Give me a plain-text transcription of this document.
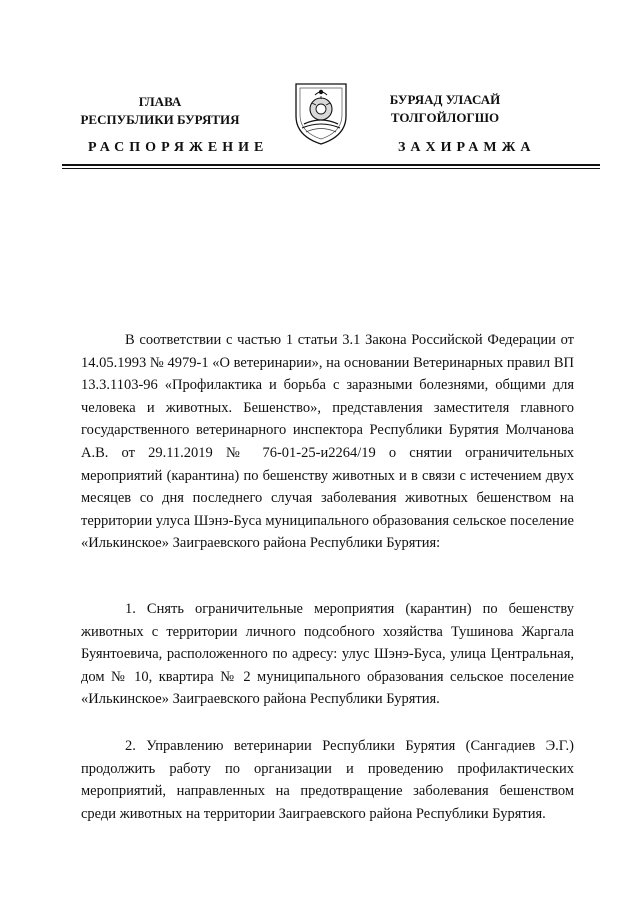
ГЛАВА
РЕСПУБЛИКИ БУРЯТИЯ
БУРЯАД УЛАСАЙ
ТОЛГОЙЛОГШО
РАСПОРЯЖЕНИЕ	ЗАХИРАМЖА

В соответствии с частью 1 статьи 3.1 Закона Российской Федерации от 14.05.1993 № 4979-1 «О ветеринарии», на основании Ветеринарных правил ВП 13.3.1103-96 «Профилактика и борьба с заразными болезнями, общими для человека и животных. Бешенство», представления заместителя главного государственного ветеринарного инспектора Республики Бурятия Молчанова А.В. от 29.11.2019 № 76-01-25-и2264/19 о снятии ограничительных мероприятий (карантина) по бешенству животных и в связи с истечением двух месяцев со дня последнего случая заболевания животных бешенством на территории улуса Шэнэ-Буса муниципального образования сельское поселение «Илькинское» Заиграевского района Республики Бурятия:

1. Снять ограничительные мероприятия (карантин) по бешенству животных с территории личного подсобного хозяйства Тушинова Жаргала Буянтоевича, расположенного по адресу: улус Шэнэ-Буса, улица Центральная, дом № 10, квартира № 2 муниципального образования сельское поселение «Илькинское» Заиграевского района Республики Бурятия.

2. Управлению ветеринарии Республики Бурятия (Сангадиев Э.Г.) продолжить работу по организации и проведению профилактических мероприятий, направленных на предотвращение заболевания бешенством среди животных на территории Заиграевского района Республики Бурятия.
